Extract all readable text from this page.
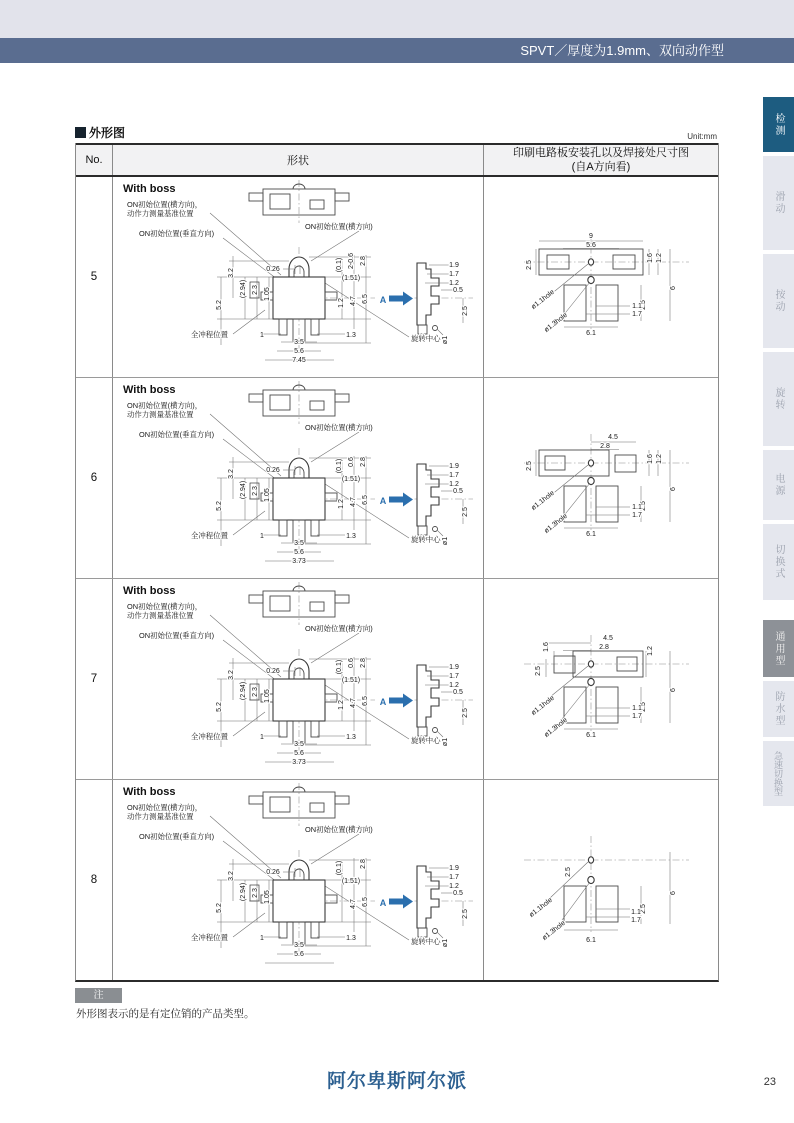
SPVT／厚度为1.9mm、双向动作型
外形图	Unit:mm
No.	形状
印刷电路板安装孔以及焊接处尺寸图
(自A方向看)
5
A
ON初始位置(横方向)，
动作力测量基准位置
ON初始位置(垂直方向)
ON初始位置(横方向)
全冲程位置	旋转中心
0.26	(0.1) 2-0.6 2.8
(1.51)
3.2
(2.94) 2.3 1.05
5.2	1.2 4.7 6.5
1	1.3
3.5
5.6
7.45
1.9
1.7
1.2
0.5
2.5
ø1
With boss
9
5.6
1.6 1.2
2.5
6
2.5
1.1
1.7
6.1
ø1.1hole
ø1.3hole
6
A
ON初始位置(横方向)，
动作力测量基准位置
ON初始位置(垂直方向)
ON初始位置(横方向)
全冲程位置	旋转中心
0.26	(0.1) 0.6 2.8
(1.51)
3.2
(2.94) 2.3 1.05
5.2	1.2 4.7 6.5
1	1.3
3.5
5.6
3.73
1.9
1.7
1.2
0.5
2.5
ø1
With boss
4.5
2.8
1.6 1.2
2.5
6
2.5
1.1
1.7
6.1
ø1.1hole
ø1.3hole
7
A
ON初始位置(横方向)，
动作力测量基准位置
ON初始位置(垂直方向)
ON初始位置(横方向)
全冲程位置	旋转中心
0.26	(0.1) 0.6 2.8
(1.51)
3.2
(2.94) 2.3 1.05
5.2	1.2 4.7 6.5
1	1.3
3.5
5.6
3.73
1.9
1.7
1.2
0.5
2.5
ø1
With boss
1.6
4.5
2.8	1.2
2.5
6
2.5
1.1
1.7
6.1
ø1.1hole
ø1.3hole
8
A
ON初始位置(横方向)，
动作力测量基准位置
ON初始位置(垂直方向)
ON初始位置(横方向)
全冲程位置	旋转中心
0.26	(0.1) 2.8
(1.51)
3.2
(2.94) 2.3 1.05
5.2	4.7 6.5
1	1.3
3.5
5.6
1.9
1.7
1.2
0.5
2.5
ø1
With boss
2.5
6
2.5
1.1
1.7
6.1
ø1.1hole
ø1.3hole
注
外形图表示的是有定位销的产品类型。
阿尔卑斯阿尔派	23
检测
滑动
按动
旋转
电源
切换式
通用型
防水型
急速切换型
